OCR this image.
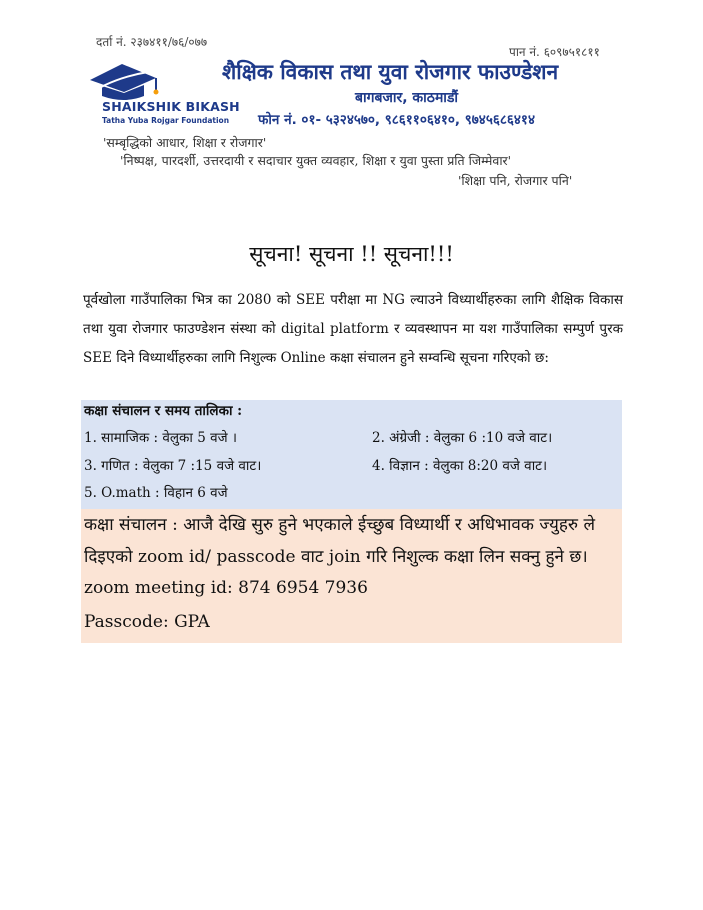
दर्ता नं. २३७४११/७६/०७७
पान नं. ६०९७५१८११
SHAIKSHIK BIKASH
Tatha Yuba Rojgar Foundation
शैक्षिक विकास तथा युवा रोजगार फाउण्डेशन
बागबजार, काठमाडौं
फोन नं. ०१- ५३२४५७०, ९८६११०६४१०, ९७४५६८६४१४
'सम्बृद्धिको आधार, शिक्षा र रोजगार'
'निष्पक्ष, पारदर्शी, उत्तरदायी र सदाचार युक्त व्यवहार, शिक्षा र युवा पुस्ता प्रति जिम्मेवार'
'शिक्षा पनि, रोजगार पनि'
सूचना! सूचना !! सूचना!!!
पूर्वखोला गाउँपालिका भित्र का 2080 को SEE परीक्षा मा NG ल्याउने विध्यार्थीहरुका लागि शैक्षिक विकास तथा युवा रोजगार फाउण्डेशन संस्था को digital platform र व्यवस्थापन मा यश गाउँपालिका सम्पुर्ण पुरक SEE दिने विध्यार्थीहरुका लागि निशुल्क Online कक्षा संचालन हुने सम्वन्धि सूचना गरिएको छ:
कक्षा संचालन र समय तालिका :
1. सामाजिक : वेलुका 5 वजे ।	2. अंग्रेजी : वेलुका 6 :10 वजे वाट।
3. गणित : वेलुका 7 :15 वजे वाट।	4. विज्ञान : वेलुका 8:20 वजे वाट।
5. O.math : विहान 6 वजे
कक्षा संचालन : आजै देखि सुरु हुने भएकाले ईच्छुब विध्यार्थी र अधिभावक ज्युहरु ले
दिइएको zoom id/ passcode वाट join गरि निशुल्क कक्षा लिन सक्नु हुने छ।
zoom meeting id: 874 6954 7936
Passcode: GPA
